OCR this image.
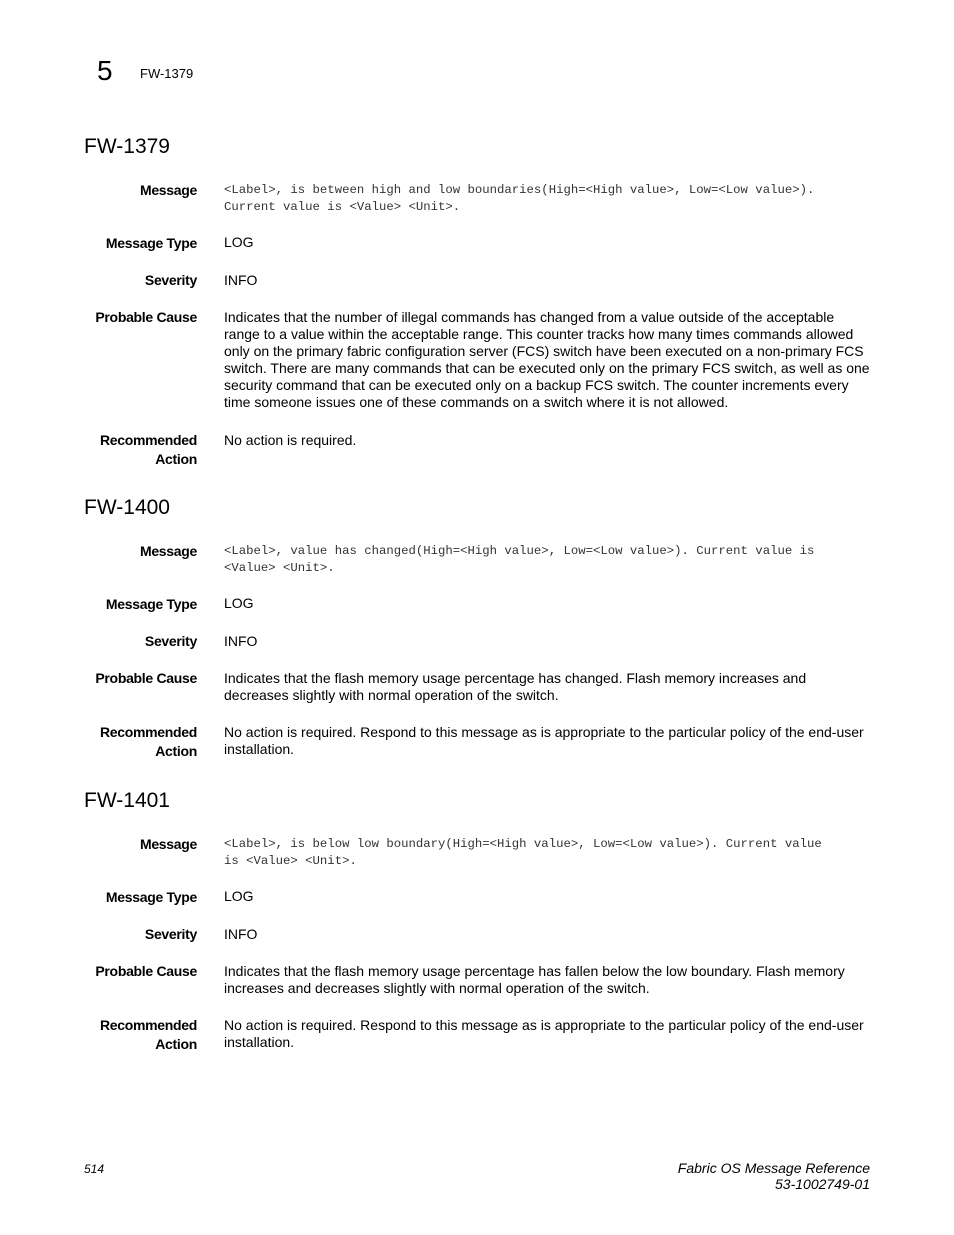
5 FW-1379
FW-1379
Message <Label>, is between high and low boundaries(High=<High value>, Low=<Low value>).
Current value is <Value> <Unit>.
Message Type LOG
Severity INFO
Probable Cause Indicates that the number of illegal commands has changed from a value outside of the acceptable range to a value within the acceptable range. This counter tracks how many times commands allowed only on the primary fabric configuration server (FCS) switch have been executed on a non-primary FCS switch. There are many commands that can be executed only on the primary FCS switch, as well as one security command that can be executed only on a backup FCS switch. The counter increments every time someone issues one of these commands on a switch where it is not allowed.
Recommended
Action
No action is required.
FW-1400
Message <Label>, value has changed(High=<High value>, Low=<Low value>). Current value is
<Value> <Unit>.
Message Type LOG
Severity INFO
Probable Cause Indicates that the flash memory usage percentage has changed. Flash memory increases and decreases slightly with normal operation of the switch.
Recommended
Action
No action is required. Respond to this message as is appropriate to the particular policy of the end-user installation.
FW-1401
Message <Label>, is below low boundary(High=<High value>, Low=<Low value>). Current value
is <Value> <Unit>.
Message Type LOG
Severity INFO
Probable Cause Indicates that the flash memory usage percentage has fallen below the low boundary. Flash memory increases and decreases slightly with normal operation of the switch.
Recommended
Action
No action is required. Respond to this message as is appropriate to the particular policy of the end-user installation.
514	Fabric OS Message Reference
53-1002749-01
